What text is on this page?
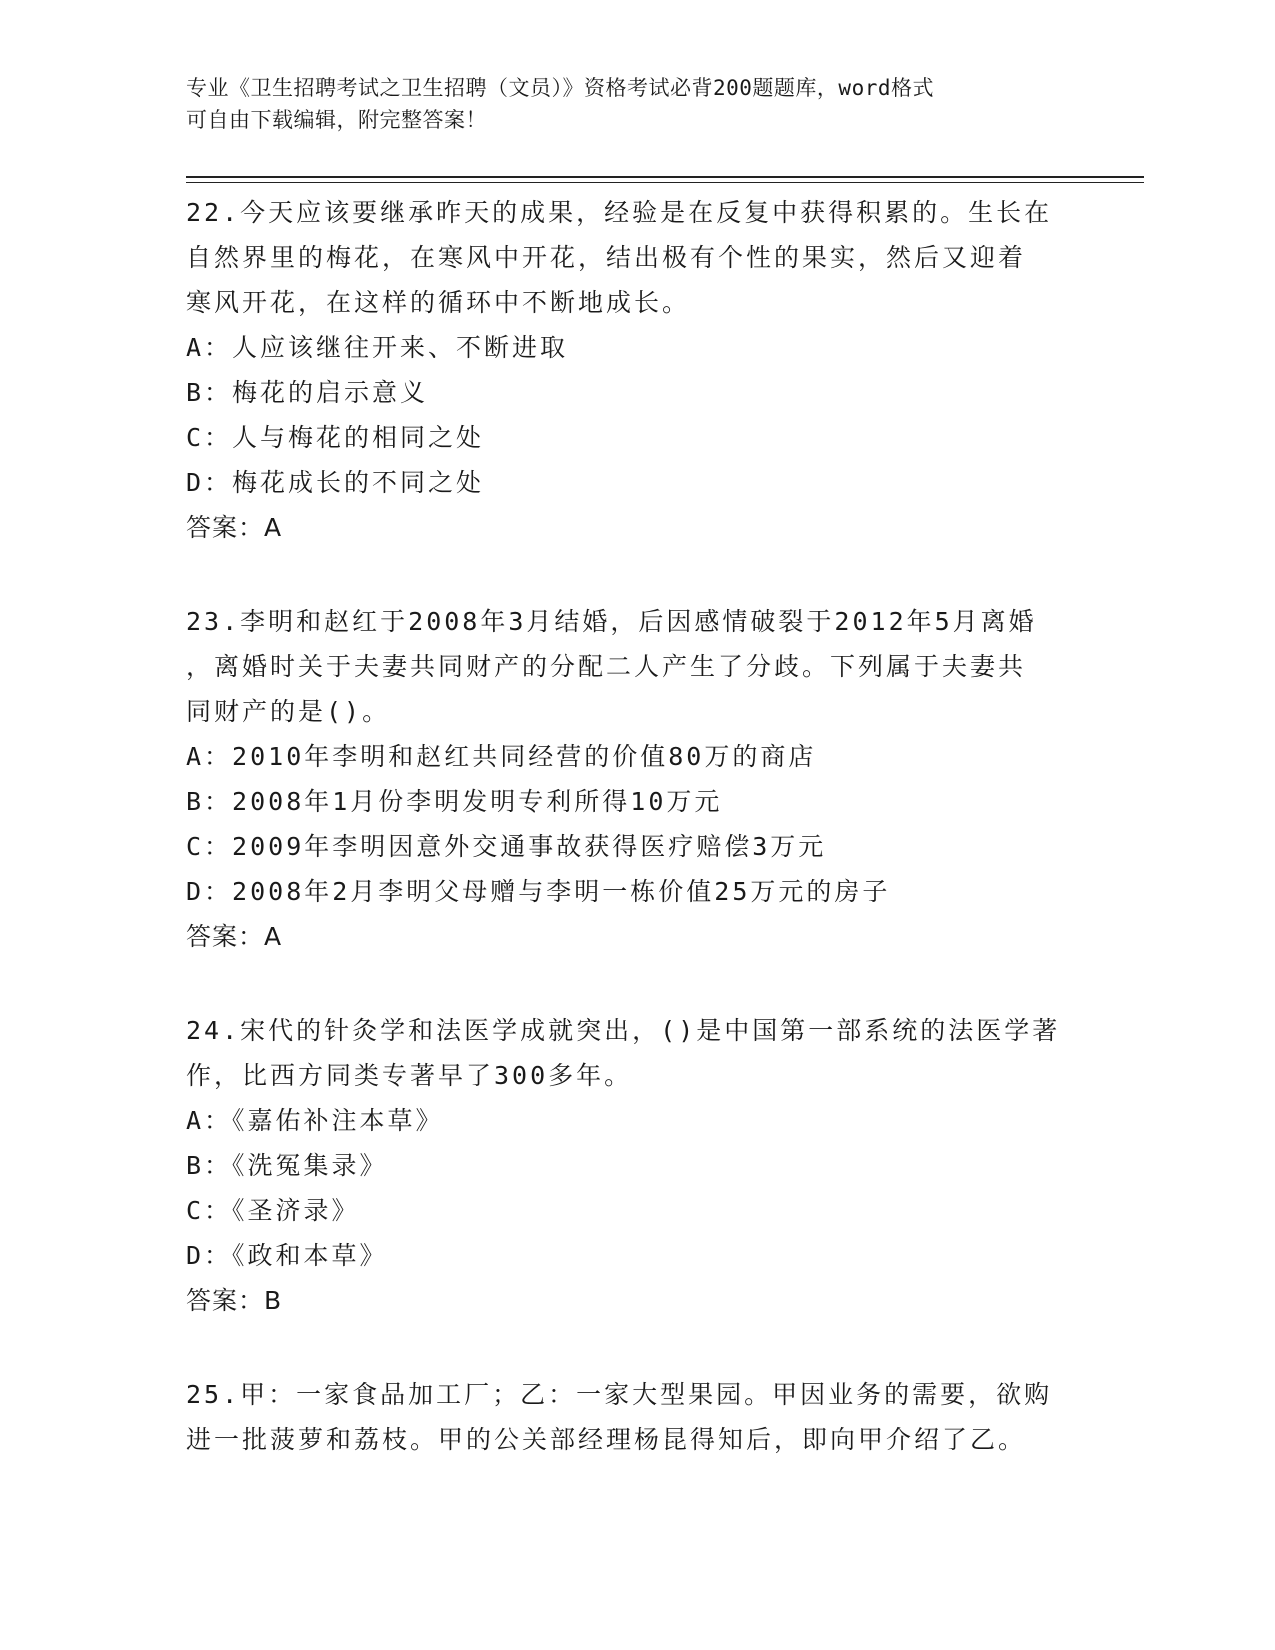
专业《卫生招聘考试之卫生招聘（文员）》资格考试必背200题题库，word格式
可自由下载编辑，附完整答案！
22.今天应该要继承昨天的成果，经验是在反复中获得积累的。生长在
自然界里的梅花，在寒风中开花，结出极有个性的果实，然后又迎着
寒风开花，在这样的循环中不断地成长。
A：人应该继往开来、不断进取
B：梅花的启示意义
C：人与梅花的相同之处
D：梅花成长的不同之处
答案：A
23.李明和赵红于2008年3月结婚，后因感情破裂于2012年5月离婚
，离婚时关于夫妻共同财产的分配二人产生了分歧。下列属于夫妻共
同财产的是()。
A：2010年李明和赵红共同经营的价值80万的商店
B：2008年1月份李明发明专利所得10万元
C：2009年李明因意外交通事故获得医疗赔偿3万元
D：2008年2月李明父母赠与李明一栋价值25万元的房子
答案：A
24.宋代的针灸学和法医学成就突出，()是中国第一部系统的法医学著
作，比西方同类专著早了300多年。
A：《嘉佑补注本草》
B：《洗冤集录》
C：《圣济录》
D：《政和本草》
答案：B
25.甲：一家食品加工厂；乙：一家大型果园。甲因业务的需要，欲购
进一批菠萝和荔枝。甲的公关部经理杨昆得知后，即向甲介绍了乙。
